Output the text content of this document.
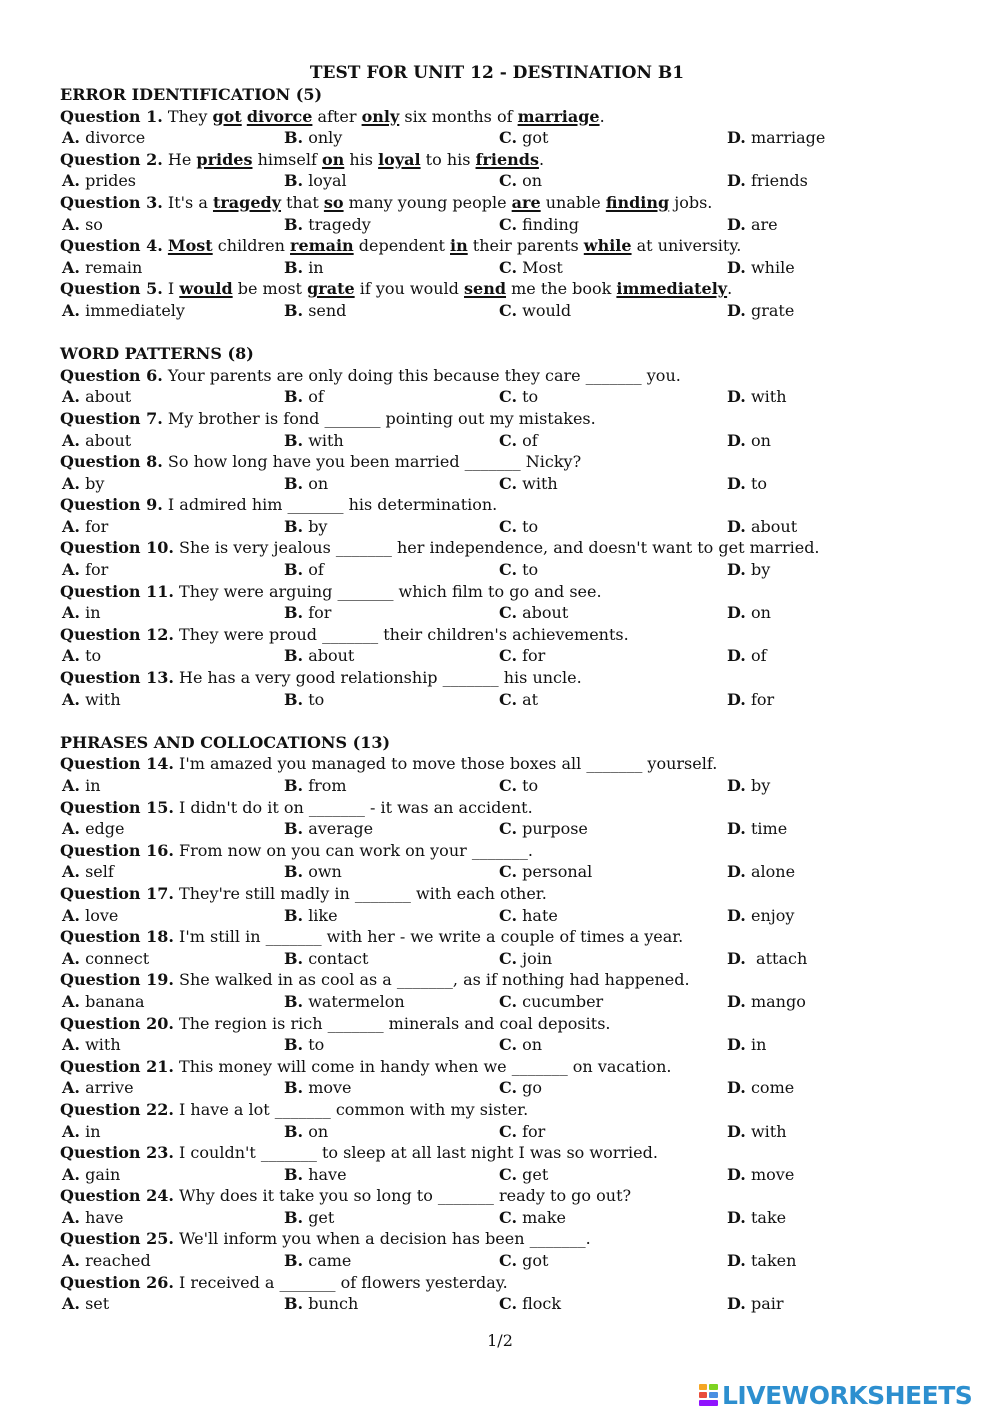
TEST FOR UNIT 12 - DESTINATION B1
ERROR IDENTIFICATION (5)
Question 1. They got divorce after only six months of marriage.
A. divorce	B. only	C. got	D. marriage
Question 2. He prides himself on his loyal to his friends.
A. prides	B. loyal	C. on	D. friends
Question 3. It's a tragedy that so many young people are unable finding jobs.
A. so	B. tragedy	C. finding	D. are
Question 4. Most children remain dependent in their parents while at university.
A. remain	B. in	C. Most	D. while
Question 5. I would be most grate if you would send me the book immediately.
A. immediately	B. send	C. would	D. grate
WORD PATTERNS (8)
Question 6. Your parents are only doing this because they care _______ you.
A. about	B. of	C. to	D. with
Question 7. My brother is fond _______ pointing out my mistakes.
A. about	B. with	C. of	D. on
Question 8. So how long have you been married _______ Nicky?
A. by	B. on	C. with	D. to
Question 9. I admired him _______ his determination.
A. for	B. by	C. to	D. about
Question 10. She is very jealous _______ her independence, and doesn't want to get married.
A. for	B. of	C. to	D. by
Question 11. They were arguing _______ which film to go and see.
A. in	B. for	C. about	D. on
Question 12. They were proud _______ their children's achievements.
A. to	B. about	C. for	D. of
Question 13. He has a very good relationship _______ his uncle.
A. with	B. to	C. at	D. for
PHRASES AND COLLOCATIONS (13)
Question 14. I'm amazed you managed to move those boxes all _______ yourself.
A. in	B. from	C. to	D. by
Question 15. I didn't do it on _______ - it was an accident.
A. edge	B. average	C. purpose	D. time
Question 16. From now on you can work on your _______.
A. self	B. own	C. personal	D. alone
Question 17. They're still madly in _______ with each other.
A. love	B. like	C. hate	D. enjoy
Question 18. I'm still in _______ with her - we write a couple of times a year.
A. connect	B. contact	C. join	D.  attach
Question 19. She walked in as cool as a _______, as if nothing had happened.
A. banana	B. watermelon	C. cucumber	D. mango
Question 20. The region is rich _______ minerals and coal deposits.
A. with	B. to	C. on	D. in
Question 21. This money will come in handy when we _______ on vacation.
A. arrive	B. move	C. go	D. come
Question 22. I have a lot _______ common with my sister.
A. in	B. on	C. for	D. with
Question 23. I couldn't _______ to sleep at all last night I was so worried.
A. gain	B. have	C. get	D. move
Question 24. Why does it take you so long to _______ ready to go out?
A. have	B. get	C. make	D. take
Question 25. We'll inform you when a decision has been _______.
A. reached	B. came	C. got	D. taken
Question 26. I received a _______ of flowers yesterday.
A. set	B. bunch	C. flock	D. pair
1/2
LIVEWORKSHEETS
